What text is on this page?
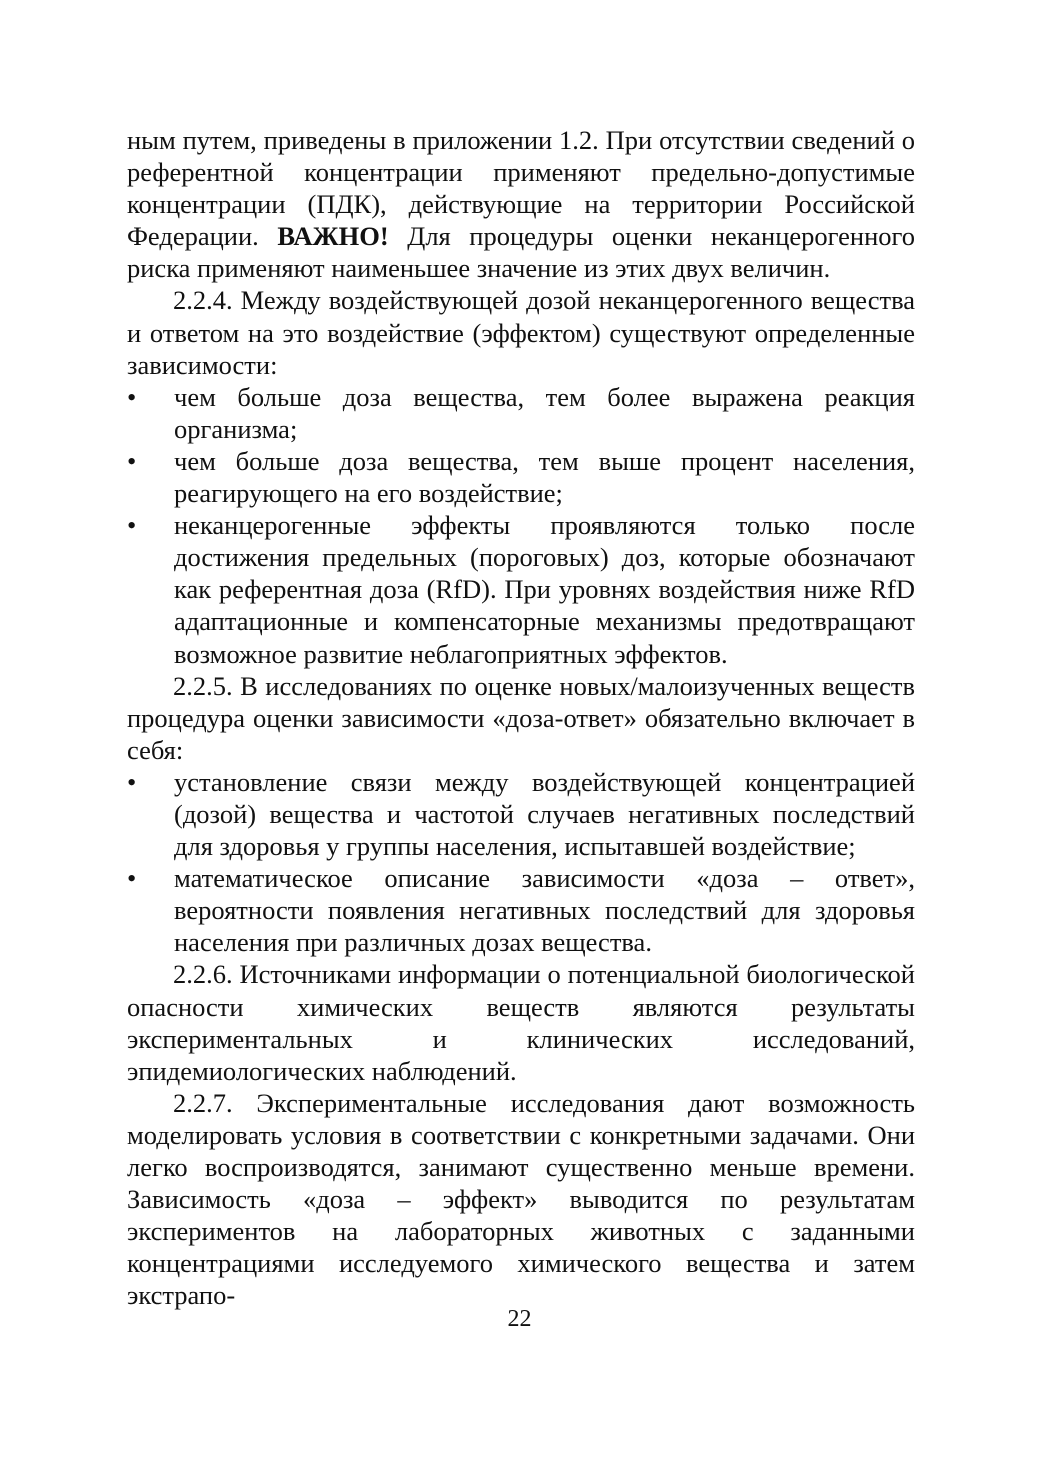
ным путем, приведены в приложении 1.2. При отсутствии сведений о референтной концентрации применяют предельно-допустимые концентрации (ПДК), действующие на территории Российской Федерации. ВАЖНО! Для процедуры оценки неканцерогенного риска применяют наименьшее значение из этих двух величин.

2.2.4. Между воздействующей дозой неканцерогенного вещества и ответом на это воздействие (эффектом) существуют определенные зависимости:

• чем больше доза вещества, тем более выражена реакция организма;
• чем больше доза вещества, тем выше процент населения, реагирующего на его воздействие;
• неканцерогенные эффекты проявляются только после достижения предельных (пороговых) доз, которые обозначают как референтная доза (RfD). При уровнях воздействия ниже RfD адаптационные и компенсаторные механизмы предотвращают возможное развитие неблагоприятных эффектов.

2.2.5. В исследованиях по оценке новых/малоизученных веществ процедура оценки зависимости «доза-ответ» обязательно включает в себя:

• установление связи между воздействующей концентрацией (дозой) вещества и частотой случаев негативных последствий для здоровья у группы населения, испытавшей воздействие;
• математическое описание зависимости «доза – ответ», вероятности появления негативных последствий для здоровья населения при различных дозах вещества.

2.2.6. Источниками информации о потенциальной биологической опасности химических веществ являются результаты экспериментальных и клинических исследований, эпидемиологических наблюдений.

2.2.7. Экспериментальные исследования дают возможность моделировать условия в соответствии с конкретными задачами. Они легко воспроизводятся, занимают существенно меньше времени. Зависимость «доза – эффект» выводится по результатам экспериментов на лабораторных животных с заданными концентрациями исследуемого химического вещества и затем экстрапо-

22
